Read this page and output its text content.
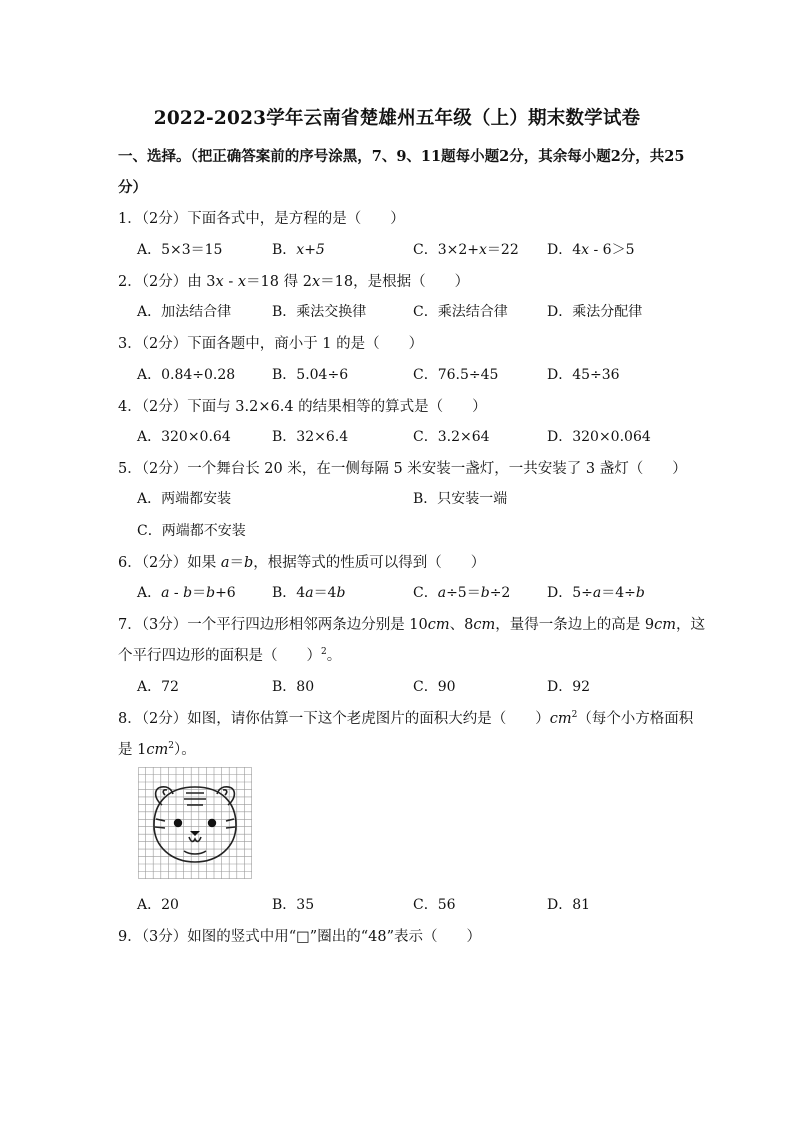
2022-2023学年云南省楚雄州五年级（上）期末数学试卷
一、选择。（把正确答案前的序号涂黑，7、9、11题每小题2分，其余每小题2分，共25
分）
1．（2分）下面各式中，是方程的是（　　）
A．5×3＝15	B．x+5	C．3×2+x＝22 D．4x - 6＞5
2．（2分）由 3x - x＝18 得 2x＝18，是根据（　　）
A．加法结合律	B．乘法交换律	C．乘法结合律	D．乘法分配律
3．（2分）下面各题中，商小于 1 的是（　　）
A．0.84÷0.28	B．5.04÷6	C．76.5÷45	D．45÷36
4．（2分）下面与 3.2×6.4 的结果相等的算式是（　　）
A．320×0.64	B．32×6.4	C．3.2×64	D．320×0.064
5．（2分）一个舞台长 20 米，在一侧每隔 5 米安装一盏灯，一共安装了 3 盏灯（　　）
A．两端都安装	B．只安装一端
C．两端都不安装
6．（2分）如果 a＝b，根据等式的性质可以得到（　　）
A．a - b＝b+6	B．4a＝4b	C．a÷5＝b÷2	D．5÷a＝4÷b
7．（3分）一个平行四边形相邻两条边分别是 10cm、8cm，量得一条边上的高是 9cm，这
个平行四边形的面积是（　　）$^2$。
A．72	B．80	C．90	D．92
8．（2分）如图，请你估算一下这个老虎图片的面积大约是（　　）$cm^2$（每个小方格面积
是 $1cm^2$）。
A．20	B．35	C．56	D．81
9．（3分）如图的竖式中用“□”圈出的“48”表示（　　）
